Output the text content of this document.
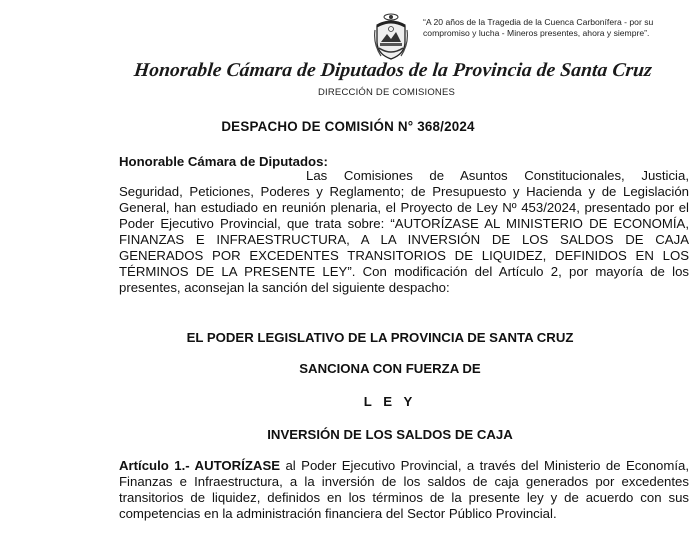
“A 20 años de la Tragedia de la Cuenca Carbonífera - por su compromiso y lucha - Mineros presentes, ahora y siempre”.
Honorable Cámara de Diputados de la Provincia de Santa Cruz
DIRECCIÓN DE COMISIONES
DESPACHO DE COMISIÓN N° 368/2024
Honorable Cámara de Diputados:
Las Comisiones de Asuntos Constitucionales, Justicia, Seguridad, Peticiones, Poderes y Reglamento; de Presupuesto y Hacienda y de Legislación General, han estudiado en reunión plenaria, el Proyecto de Ley Nº 453/2024, presentado por el Poder Ejecutivo Provincial, que trata sobre: “AUTORÍZASE AL MINISTERIO DE ECONOMÍA, FINANZAS E INFRAESTRUCTURA, A LA INVERSIÓN DE LOS SALDOS DE CAJA GENERADOS POR EXCEDENTES TRANSITORIOS DE LIQUIDEZ, DEFINIDOS EN LOS TÉRMINOS DE LA PRESENTE LEY”. Con modificación del Artículo 2, por mayoría de los presentes, aconsejan la sanción del siguiente despacho:
EL PODER LEGISLATIVO DE LA PROVINCIA DE SANTA CRUZ
SANCIONA CON FUERZA DE
L E Y
INVERSIÓN DE LOS SALDOS DE CAJA
Artículo 1.- AUTORÍZASE al Poder Ejecutivo Provincial, a través del Ministerio de Economía, Finanzas e Infraestructura, a la inversión de los saldos de caja generados por excedentes transitorios de liquidez, definidos en los términos de la presente ley y de acuerdo con sus competencias en la administración financiera del Sector Público Provincial.
